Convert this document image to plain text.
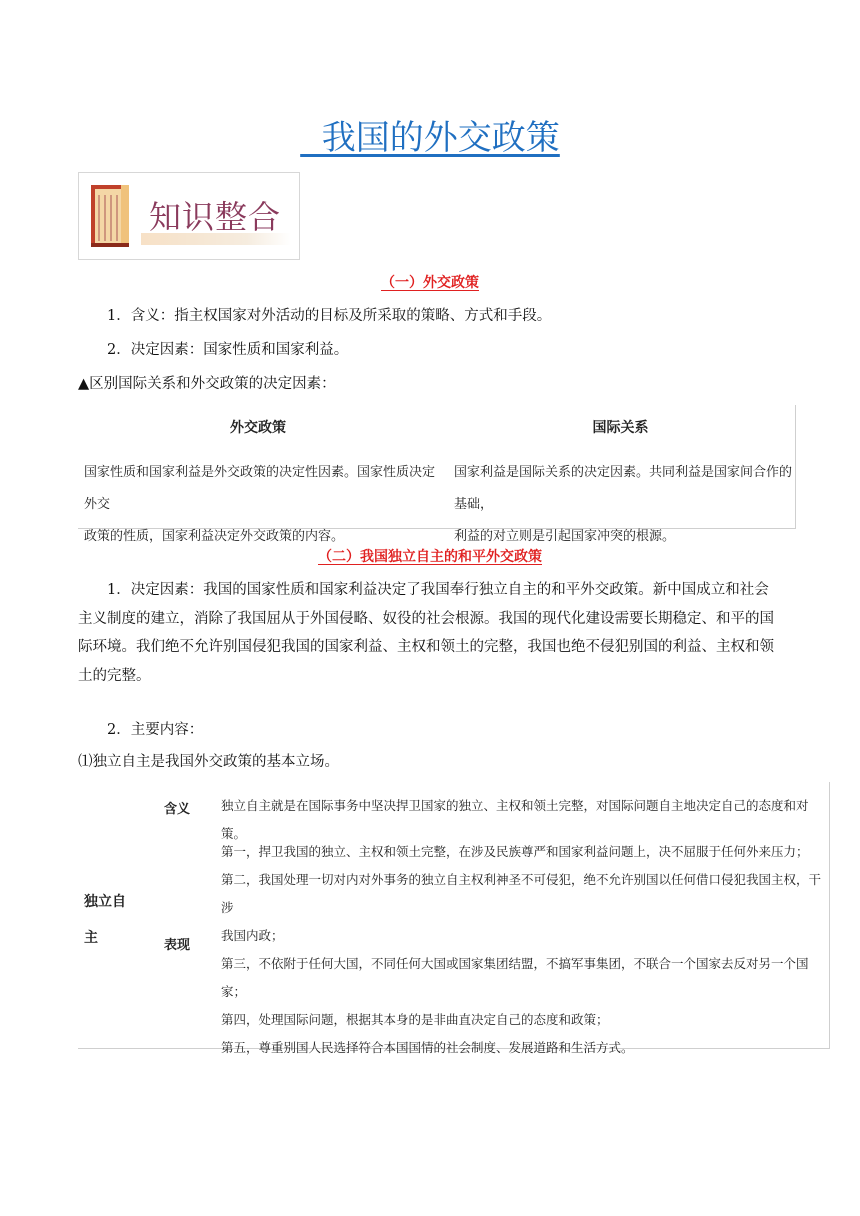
我国的外交政策
知识整合
（一）外交政策
1．含义：指主权国家对外活动的目标及所采取的策略、方式和手段。
2．决定因素：国家性质和国家利益。
▲区别国际关系和外交政策的决定因素：
外交政策
国家性质和国家利益是外交政策的决定性因素。国家性质决定外交
政策的性质，国家利益决定外交政策的内容。
国际关系
国家利益是国际关系的决定因素。共同利益是国家间合作的基础，
利益的对立则是引起国家冲突的根源。
（二）我国独立自主的和平外交政策
1．决定因素：我国的国家性质和国家利益决定了我国奉行独立自主的和平外交政策。新中国成立和社会主义制度的建立，消除了我国屈从于外国侵略、奴役的社会根源。我国的现代化建设需要长期稳定、和平的国际环境。我们绝不允许别国侵犯我国的国家利益、主权和领土的完整，我国也绝不侵犯别国的利益、主权和领土的完整。
2．主要内容：
⑴独立自主是我国外交政策的基本立场。
独立自
主
含义 独立自主就是在国际事务中坚决捍卫国家的独立、主权和领土完整，对国际问题自主地决定自己的态度和对策。
表现
第一，捍卫我国的独立、主权和领土完整，在涉及民族尊严和国家利益问题上，决不屈服于任何外来压力；
第二，我国处理一切对内对外事务的独立自主权利神圣不可侵犯，绝不允许别国以任何借口侵犯我国主权，干涉
我国内政；
第三，不依附于任何大国，不同任何大国或国家集团结盟，不搞军事集团，不联合一个国家去反对另一个国家；
第四，处理国际问题，根据其本身的是非曲直决定自己的态度和政策；
第五，尊重别国人民选择符合本国国情的社会制度、发展道路和生活方式。
